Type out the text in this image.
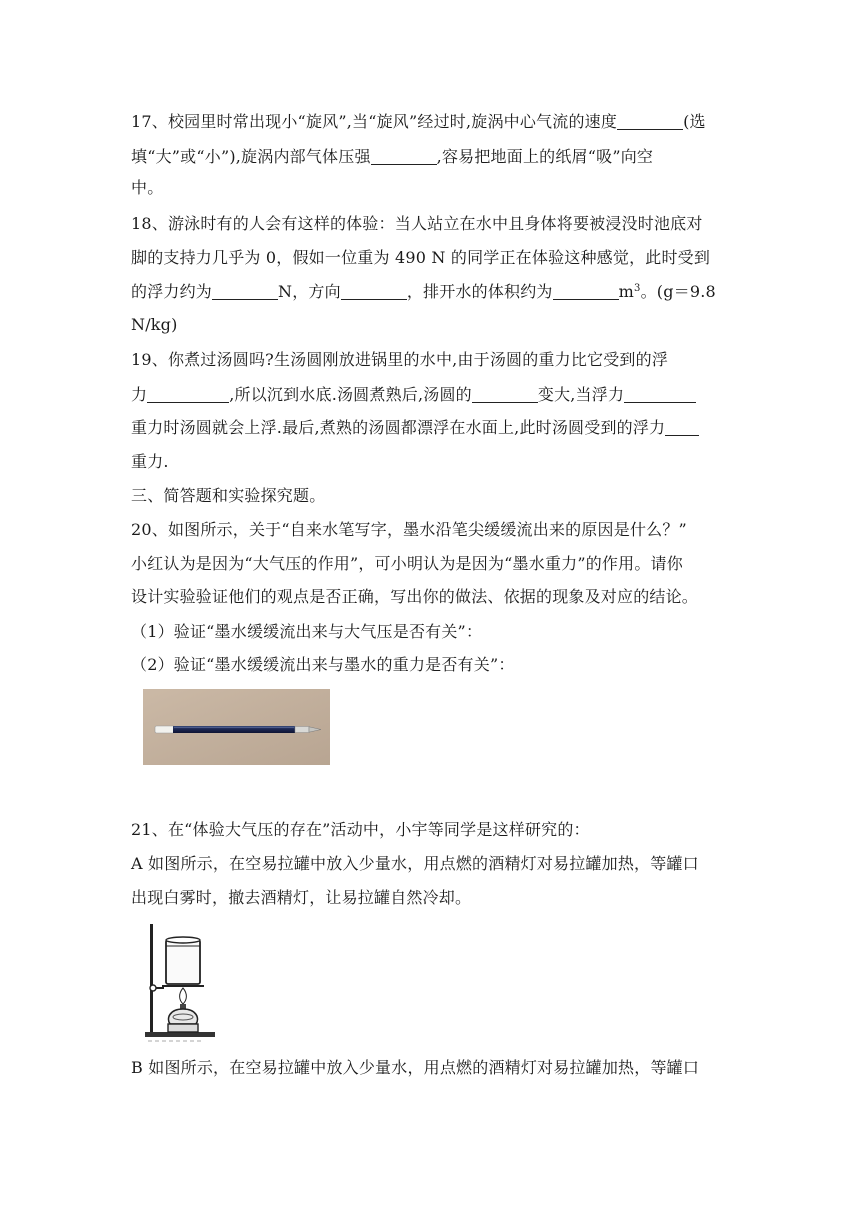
17、校园里时常出现小“旋风”,当“旋风”经过时,旋涡中心气流的速度	(选
填“大”或“小”),旋涡内部气体压强	,容易把地面上的纸屑“吸”向空
中。
18、游泳时有的人会有这样的体验：当人站立在水中且身体将要被浸没时池底对
脚的支持力几乎为 0，假如一位重为 490 N 的同学正在体验这种感觉，此时受到
的浮力约为	N，方向	，排开水的体积约为	$m^3$。(g＝9.8
N/kg)
19、你煮过汤圆吗?生汤圆刚放进锅里的水中,由于汤圆的重力比它受到的浮
力	,所以沉到水底.汤圆煮熟后,汤圆的	变大,当浮力
重力时汤圆就会上浮.最后,煮熟的汤圆都漂浮在水面上,此时汤圆受到的浮力
重力.
三、简答题和实验探究题。
20、如图所示，关于“自来水笔写字，墨水沿笔尖缓缓流出来的原因是什么？”
小红认为是因为“大气压的作用”，可小明认为是因为“墨水重力”的作用。请你
设计实验验证他们的观点是否正确，写出你的做法、依据的现象及对应的结论。
（1）验证“墨水缓缓流出来与大气压是否有关”：
（2）验证“墨水缓缓流出来与墨水的重力是否有关”：
21、在“体验大气压的存在”活动中，小宇等同学是这样研究的：
A 如图所示，在空易拉罐中放入少量水，用点燃的酒精灯对易拉罐加热，等罐口
出现白雾时，撤去酒精灯，让易拉罐自然冷却。
B 如图所示，在空易拉罐中放入少量水，用点燃的酒精灯对易拉罐加热，等罐口
